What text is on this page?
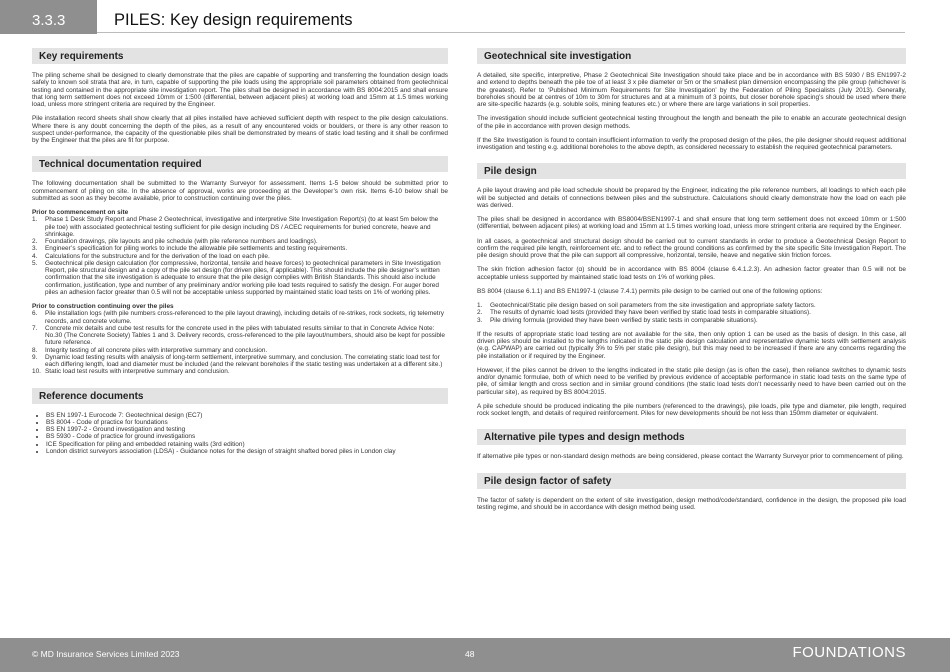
3.3.3	PILES: Key design requirements
Key requirements

The piling scheme shall be designed to clearly demonstrate that the piles are capable of supporting and transferring the foundation design loads safely to known soil strata that are, in turn, capable of supporting the pile loads using the appropriate soil parameters obtained from geotechnical testing and contained in the appropriate site investigation report. The piles shall be designed in accordance with BS 8004:2015 and shall ensure that long term settlement does not exceed 10mm or 1:500 (differential, between adjacent piles) at working load and 15mm at 1.5 times working load, unless more stringent criteria are required by the Engineer.

Pile installation record sheets shall show clearly that all piles installed have achieved sufficient depth with respect to the pile design calculations. Where there is any doubt concerning the depth of the piles, as a result of any encountered voids or boulders, or there is any other reason to suspect under-performance, the capacity of the questionable piles shall be demonstrated by means of static load testing and it shall be confirmed by the Engineer that the piles are fit for purpose.

Technical documentation required

The following documentation shall be submitted to the Warranty Surveyor for assessment. Items 1-5 below should be submitted prior to commencement of piling on site. In the absence of approval, works are proceeding at the Developer’s own risk. Items 6-10 below shall be submitted as soon as they become available, prior to construction continuing over the piles.

Prior to commencement on site
1. Phase 1 Desk Study Report and Phase 2 Geotechnical, investigative and interpretive Site Investigation Report(s) (to at least 5m below the pile toe) with associated geotechnical testing sufficient for pile design including DS / ACEC requirements for buried concrete, heave and shrinkage.
2. Foundation drawings, pile layouts and pile schedule (with pile reference numbers and loadings).
3. Engineer’s specification for piling works to include the allowable pile settlements and testing requirements.
4. Calculations for the substructure and for the derivation of the load on each pile.
5. Geotechnical pile design calculation (for compressive, horizontal, tensile and heave forces) to geotechnical parameters in Site Investigation Report, pile structural design and a copy of the pile set design (for driven piles, if applicable). This should include the pile designer’s written confirmation that the site investigation is adequate to ensure that the pile design complies with British Standards. This should also include confirmation, justification, type and number of any preliminary and/or working pile load tests required to satisfy the design. For auger bored piles an adhesion factor greater than 0.5 will not be acceptable unless supported by maintained static load tests on 1% of working piles.
Prior to construction continuing over the piles
6. Pile installation logs (with pile numbers cross-referenced to the pile layout drawing), including details of re-strikes, rock sockets, rig telemetry records, and concrete volume.
7. Concrete mix details and cube test results for the concrete used in the piles with tabulated results similar to that in Concrete Advice Note: No.30 (The Concrete Society) Tables 1 and 3. Delivery records, cross-referenced to the pile layout/numbers, should also be kept for possible future reference.
8. Integrity testing of all concrete piles with interpretive summary and conclusion.
9. Dynamic load testing results with analysis of long-term settlement, interpretive summary, and conclusion. The correlating static load test for each differing length, load and diameter must be included (and the relevant boreholes if the static testing was undertaken at a different site.)
10. Static load test results with interpretive summary and conclusion.
Reference documents
• BS EN 1997-1 Eurocode 7: Geotechnical design (EC7)
• BS 8004 - Code of practice for foundations
• BS EN 1997-2 - Ground investigation and testing
• BS 5930 - Code of practice for ground investigations
• ICE Specification for piling and embedded retaining walls (3rd edition)
• London district surveyors association (LDSA) - Guidance notes for the design of straight shafted bored piles in London clay
Geotechnical site investigation

A detailed, site specific, interpretive, Phase 2 Geotechnical Site Investigation should take place and be in accordance with BS 5930 / BS EN1997-2 and extend to depths beneath the pile toe of at least 3 x pile diameter or 5m or the smallest plan dimension encompassing the pile group (whichever is the greatest). Refer to ‘Published Minimum Requirements for Site Investigation’ by the Federation of Piling Specialists (July 2013). Generally, boreholes should be at centres of 10m to 30m for structures and at a minimum of 3 points, but closer borehole spacing’s should be used where there are site-specific hazards (e.g. soluble soils, mining features etc.) or where there are large variations in soil properties.

The investigation should include sufficient geotechnical testing throughout the length and beneath the pile to enable an accurate geotechnical design of the pile in accordance with proven design methods.

If the Site Investigation is found to contain insufficient information to verify the proposed design of the piles, the pile designer should request additional investigation and testing e.g. additional boreholes to the above depth, as considered necessary to establish the required geotechnical parameters.

Pile design

A pile layout drawing and pile load schedule should be prepared by the Engineer, indicating the pile reference numbers, all loadings to which each pile will be subjected and details of connections between piles and the substructure. Calculations should clearly demonstrate how the load on each pile was derived.

The piles shall be designed in accordance with BS8004/BSEN1997-1 and shall ensure that long term settlement does not exceed 10mm or 1:500 (differential, between adjacent piles) at working load and 15mm at 1.5 times working load, unless more stringent criteria are required by the Engineer.

In all cases, a geotechnical and structural design should be carried out to current standards in order to produce a Geotechnical Design Report to confirm the required pile length, reinforcement etc. and to reflect the ground conditions as confirmed by the site specific Site Investigation Report. The pile design should prove that the pile can support all compressive, horizontal, tensile, heave and negative skin friction forces.

The skin friction adhesion factor (α) should be in accordance with BS 8004 (clause 6.4.1.2.3). An adhesion factor greater than 0.5 will not be acceptable unless supported by maintained static load tests on 1% of working piles.

BS 8004 (clause 6.1.1) and BS EN1997-1 (clause 7.4.1) permits pile design to be carried out one of the following options:

1. Geotechnical/Static pile design based on soil parameters from the site investigation and appropriate safety factors.
2. The results of dynamic load tests (provided they have been verified by static load tests in comparable situations).
3. Pile driving formula (provided they have been verified by static tests in comparable situations).

If the results of appropriate static load testing are not available for the site, then only option 1 can be used as the basis of design. In this case, all driven piles should be installed to the lengths indicated in the static pile design calculation and representative dynamic tests with settlement analysis (e.g. CAPWAP) are carried out (typically 3% to 5% per static pile design), but this may need to be increased if there are any concerns regarding the pile installation or if required by the Engineer.

However, if the piles cannot be driven to the lengths indicated in the static pile design (as is often the case), then reliance switches to dynamic tests and/or dynamic formulae, both of which need to be verified by previous evidence of acceptable performance in static load tests on the same type of pile, of similar length and cross section and in similar ground conditions (the static load tests don’t necessarily need to have been carried out on the particular site), as required by BS 8004:2015.

A pile schedule should be produced indicating the pile numbers (referenced to the drawings), pile loads, pile type and diameter, pile length, required rock socket length, and details of required reinforcement. Piles for new developments should be not less than 150mm diameter or equivalent.

Alternative pile types and design methods

If alternative pile types or non-standard design methods are being considered, please contact the Warranty Surveyor prior to commencement of piling.

Pile design factor of safety

The factor of safety is dependent on the extent of site investigation, design method/code/standard, confidence in the design, the proposed pile load testing regime, and should be in accordance with design method being used.

© MD Insurance Services Limited 2023	48	FOUNDATIONS
